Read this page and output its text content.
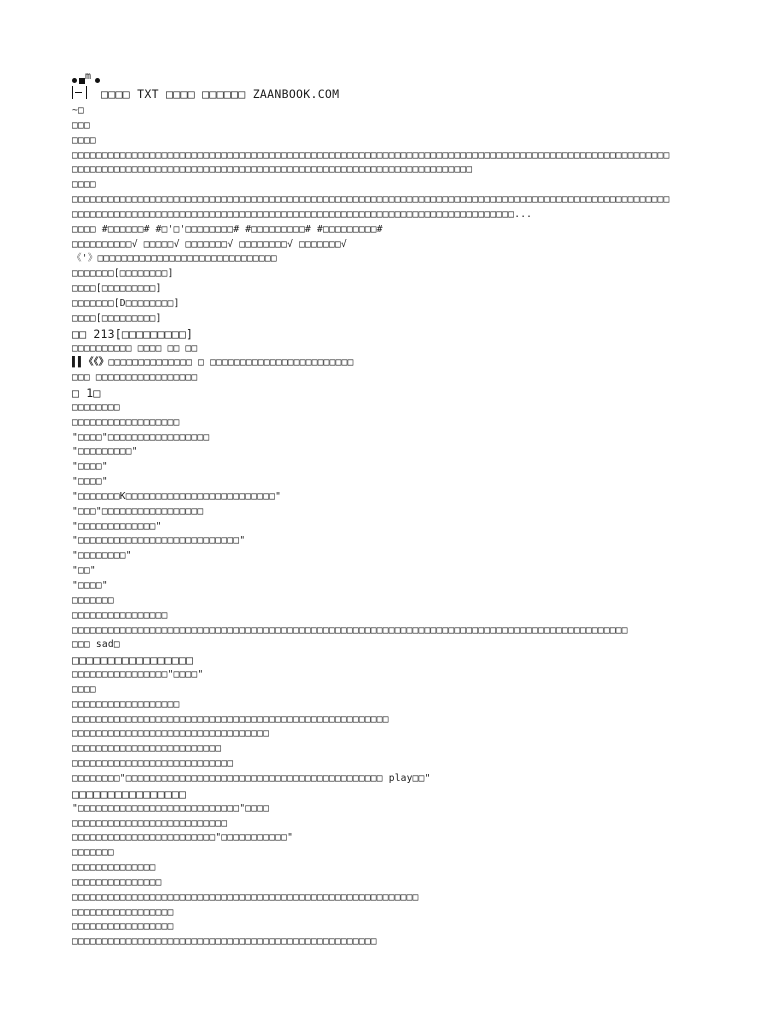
m
~□
□□□
□□□□
□□□□□□□□□□□□□□□□□□□□□□□□□□□□□□□□□□□□□□□□□□□□□□□□□□□□□□□□□□□□□□□□□□□□□□□□□□□□□□□□□□□□□□□□□□□□□□□□□□□□
□□□□□□□□□□□□□□□□□□□□□□□□□□□□□□□□□□□□□□□□□□□□□□□□□□□□□□□□□□□□□□□□□□□
□□□□
□□□□□□□□□□□□□□□□□□□□□□□□□□□□□□□□□□□□□□□□□□□□□□□□□□□□□□□□□□□□□□□□□□□□□□□□□□□□□□□□□□□□□□□□□□□□□□□□□□□□
□□□□□□□□□□□□□□□□□□□□□□□□□□□□□□□□□□□□□□□□□□□□□□□□□□□□□□□□□□□□□□□□□□□□□□□□□□...
□□□□ #□□□□□□# #□'□'□□□□□□□□# #□□□□□□□□□# #□□□□□□□□□#
□□□□□□□□□□√ □□□□□√ □□□□□□□√ □□□□□□□□√ □□□□□□□√
《'》□□□□□□□□□□□□□□□□□□□□□□□□□□□□□□
□□□□□□□[□□□□□□□□]
□□□□[□□□□□□□□□]
□□□□□□□[D□□□□□□□□]
□□□□[□□□□□□□□□]
□□ 213[□□□□□□□□□]
□□□□□□□□□□ □□□□ □□ □□
▌▌《《》□□□□□□□□□□□□□□ □ □□□□□□□□□□□□□□□□□□□□□□□□
□□□ □□□□□□□□□□□□□□□□□
□ 1□
□□□□□□□□
□□□□□□□□□□□□□□□□□□
"□□□□"□□□□□□□□□□□□□□□□□
"□□□□□□□□□"
"□□□□"
"□□□□"
"□□□□□□□K□□□□□□□□□□□□□□□□□□□□□□□□□"
"□□□"□□□□□□□□□□□□□□□□□
"□□□□□□□□□□□□□"
"□□□□□□□□□□□□□□□□□□□□□□□□□□□"
"□□□□□□□□"
"□□"
"□□□□"
□□□□□□□
□□□□□□□□□□□□□□□□
□□□□□□□□□□□□□□□□□□□□□□□□□□□□□□□□□□□□□□□□□□□□□□□□□□□□□□□□□□□□□□□□□□□□□□□□□□□□□□□□□□□□□□□□□□□□□
□□□ sad□
□□□□□□□□□□□□□□□□□
□□□□□□□□□□□□□□□□"□□□□"
□□□□
□□□□□□□□□□□□□□□□□□
□□□□□□□□□□□□□□□□□□□□□□□□□□□□□□□□□□□□□□□□□□□□□□□□□□□□□
□□□□□□□□□□□□□□□□□□□□□□□□□□□□□□□□□
□□□□□□□□□□□□□□□□□□□□□□□□□
□□□□□□□□□□□□□□□□□□□□□□□□□□□
□□□□□□□□"□□□□□□□□□□□□□□□□□□□□□□□□□□□□□□□□□□□□□□□□□□□ play□□"
□□□□□□□□□□□□□□□□
"□□□□□□□□□□□□□□□□□□□□□□□□□□□"□□□□
□□□□□□□□□□□□□□□□□□□□□□□□□□
□□□□□□□□□□□□□□□□□□□□□□□□"□□□□□□□□□□□"
□□□□□□□
□□□□□□□□□□□□□□
□□□□□□□□□□□□□□□
□□□□□□□□□□□□□□□□□□□□□□□□□□□□□□□□□□□□□□□□□□□□□□□□□□□□□□□□□□
□□□□□□□□□□□□□□□□□
□□□□□□□□□□□□□□□□□
□□□□□□□□□□□□□□□□□□□□□□□□□□□□□□□□□□□□□□□□□□□□□□□□□□□
□□□□ TXT □□□□ □□□□□□ ZAANBOOK.COM
